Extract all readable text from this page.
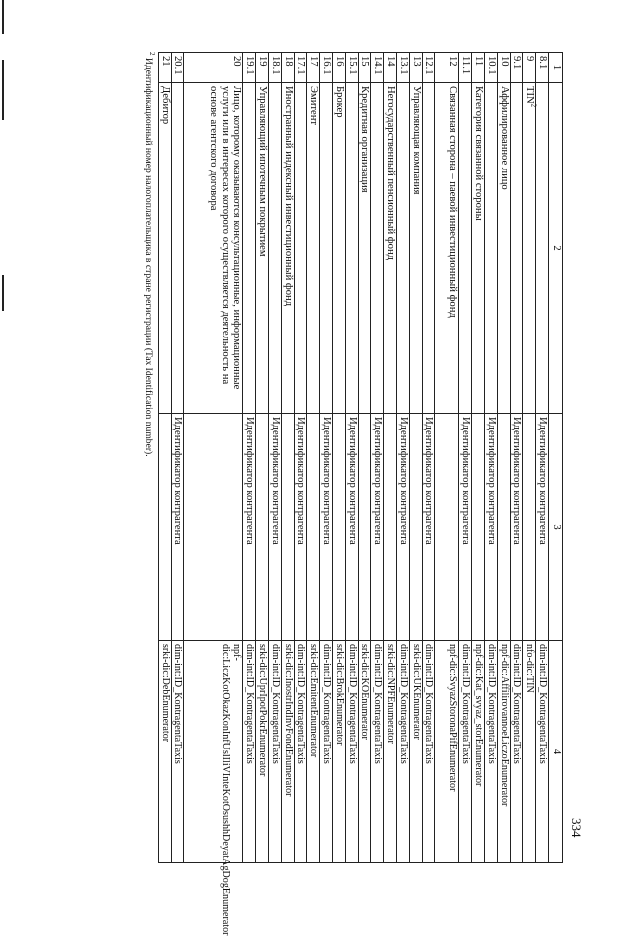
334
1	2	3	4
8.1		Идентификатор контрагента	dim-int:ID_KontragentaTaxis
9	TIN$^2$		nfo-dic:TIN
9.1		Идентификатор контрагента	dim-int:ID_KontragentaTaxis
10	Аффилированное лицо		npf-dic:AffilirovannoeLiczoEnumerator
10.1		Идентификатор контрагента	dim-int:ID_KontragentaTaxis
11	Категория связанной стороны		npf-dic:Kat_svyaz_storEnumerator
11.1		Идентификатор контрагента	dim-int:ID_KontragentaTaxis
12	Связанная сторона – паевой инвестиционный фонд		npf-dic:SvyazStoronaPifEnumerator
12.1		Идентификатор контрагента	dim-int:ID_KontragentaTaxis
13	Управляющая компания		srki-dic:UKEnumerator
13.1		Идентификатор контрагента	dim-int:ID_KontragentaTaxis
14	Негосударственный пенсионный фонд		srki-dic:NPFEnumerator
14.1		Идентификатор контрагента	dim-int:ID_KontragentaTaxis
15	Кредитная организация		srki-dic:KOEnumerator
15.1		Идентификатор контрагента	dim-int:ID_KontragentaTaxis
16	Брокер		srki-dic:BrokEnumerator
16.1		Идентификатор контрагента	dim-int:ID_KontragentaTaxis
17	Эмитент		srki-dic:EmitentEnumerator
17.1		Идентификатор контрагента	dim-int:ID_KontragentaTaxis
18	Иностранный индексный инвестиционный фонд		srki-dic:InostrIndInvFondEnumerator
18.1		Идентификатор контрагента	dim-int:ID_KontragentaTaxis
19	Управляющий ипотечным покрытием		srki-dic:UprIpotPokrEnumerator
19.1		Идентификатор контрагента	dim-int:ID_KontragentaTaxis
20	Лицо, которому оказываются консультационные, информационные услуги или в интересах которого осуществляется деятельность на основе агентского договора		npf-dic:LiczKotOkazKonInfUslIliVInteKotOsushhDeyatAgDogEnumerator
20.1		Идентификатор контрагента	dim-int:ID_KontragentaTaxis
21	Дебитор		srki-dic:DebEnumerator
$^2$ Идентификационный номер налогоплательщика в стране регистрации (Tax Identification number).
